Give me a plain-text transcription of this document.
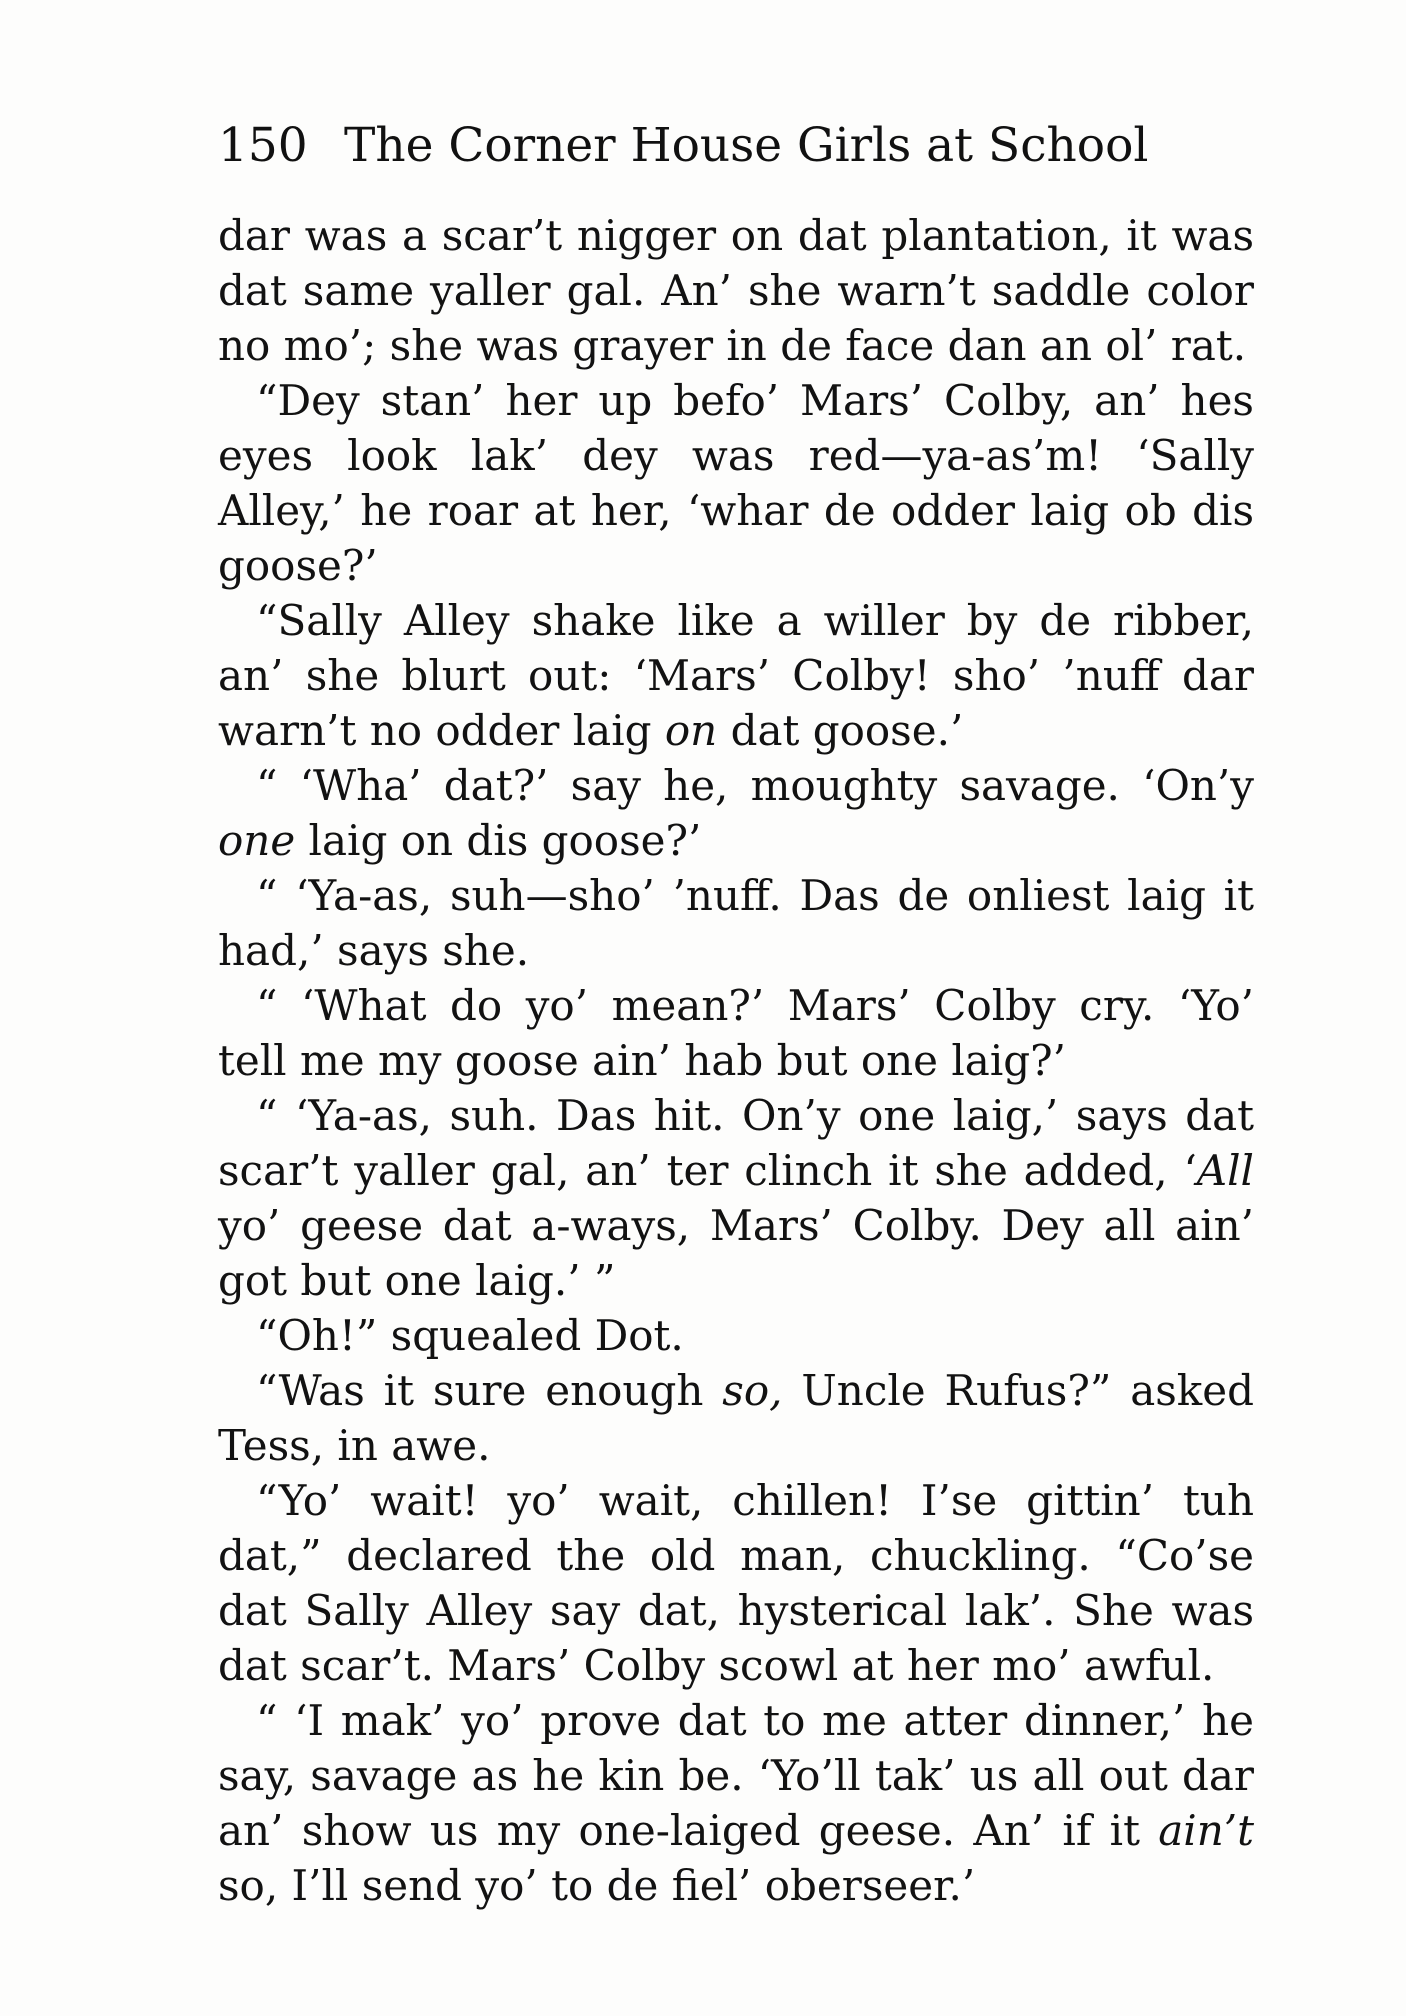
150 The Corner House Girls at School

dar was a scar’t nigger on dat plantation, it was dat same yaller gal. An’ she warn’t saddle color no mo’; she was grayer in de face dan an ol’ rat.

“Dey stan’ her up befo’ Mars’ Colby, an’ hes eyes look lak’ dey was red—ya-as’m! ‘Sally Alley,’ he roar at her, ‘whar de odder laig ob dis goose?’

“Sally Alley shake like a willer by de ribber, an’ she blurt out: ‘Mars’ Colby! sho’ ’nuff dar warn’t no odder laig on dat goose.’

“ ‘Wha’ dat?’ say he, moughty savage. ‘On’y one laig on dis goose?’

“ ‘Ya-as, suh—sho’ ’nuff. Das de onliest laig it had,’ says she.

“ ‘What do yo’ mean?’ Mars’ Colby cry. ‘Yo’ tell me my goose ain’ hab but one laig?’

“ ‘Ya-as, suh. Das hit. On’y one laig,’ says dat scar’t yaller gal, an’ ter clinch it she added, ‘All yo’ geese dat a-ways, Mars’ Colby. Dey all ain’ got but one laig.’ ”

“Oh!” squealed Dot.

“Was it sure enough so, Uncle Rufus?” asked Tess, in awe.

“Yo’ wait! yo’ wait, chillen! I’se gittin’ tuh dat,” declared the old man, chuckling. “Co’se dat Sally Alley say dat, hysterical lak’. She was dat scar’t. Mars’ Colby scowl at her mo’ awful.

“ ‘I mak’ yo’ prove dat to me atter dinner,’ he say, savage as he kin be. ‘Yo’ll tak’ us all out dar an’ show us my one-laiged geese. An’ if it ain’t so, I’ll send yo’ to de fiel’ oberseer.’
